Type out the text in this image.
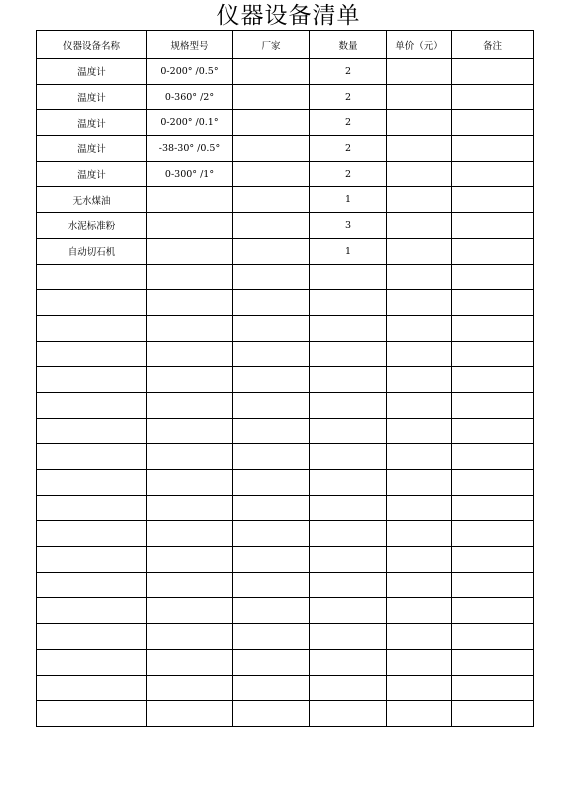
仪器设备清单
仪器设备名称	规格型号	厂家	数量	单价（元）	备注
温度计	0-200° /0.5°		2		
温度计	0-360° /2°		2		
温度计	0-200° /0.1°		2		
温度计	-38-30° /0.5°		2		
温度计	0-300° /1°		2		
无水煤油			1		
水泥标准粉			3		
自动切石机			1		
